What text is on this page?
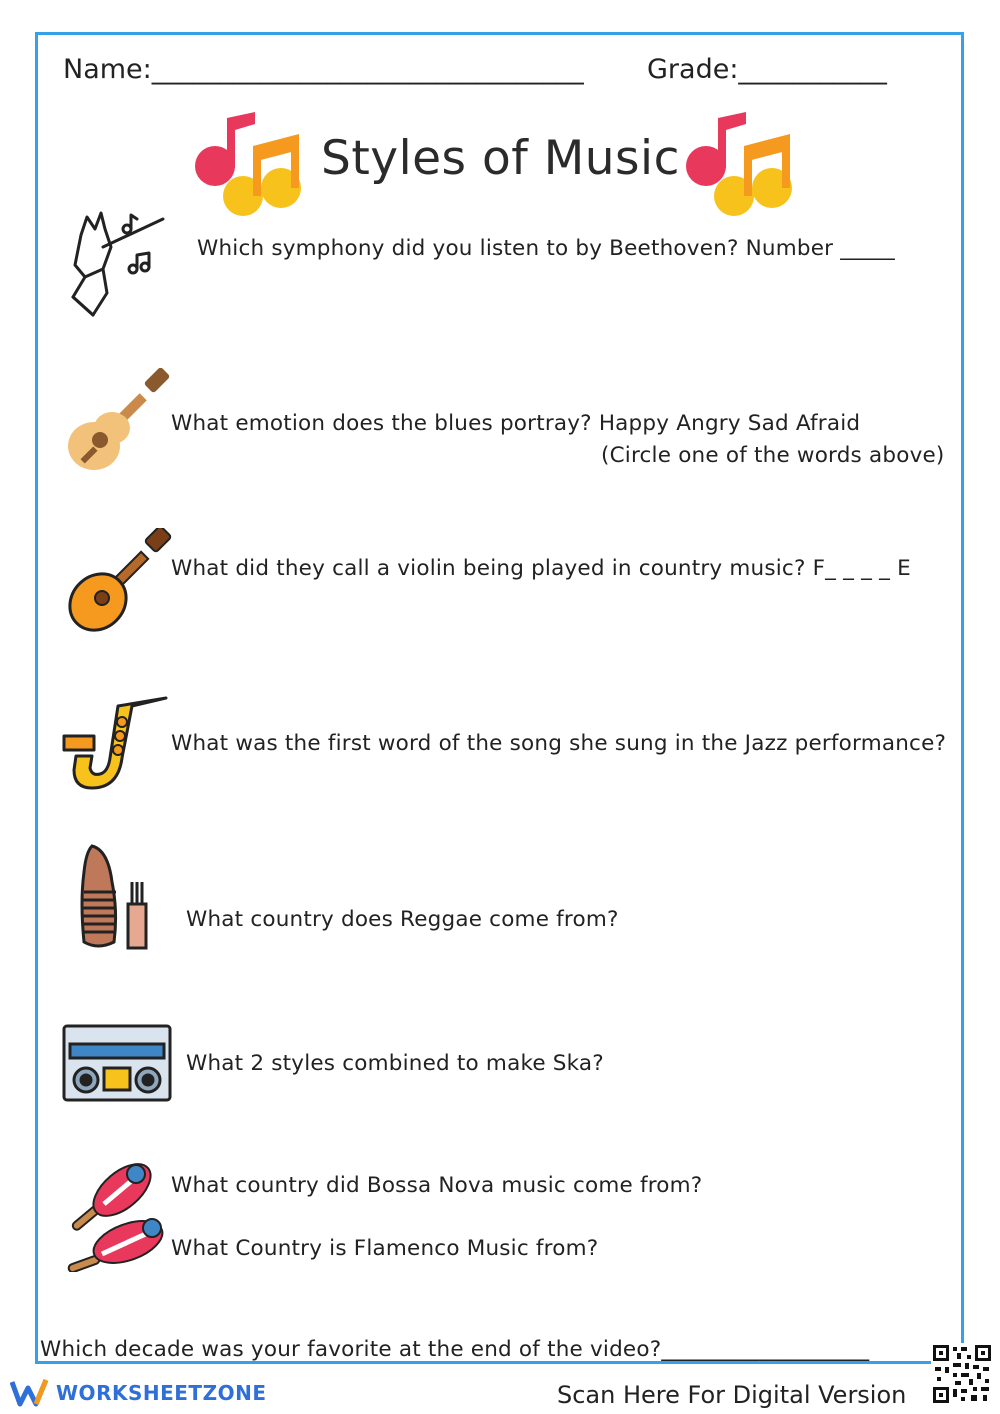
Name:________________________________ Grade:___________
Styles of Music
Which symphony did you listen to by Beethoven? Number _____
What emotion does the blues portray? Happy Angry Sad Afraid
(Circle one of the words above)
What did they call a violin being played in country music? F_ _ _ _ E
What was the first word of the song she sung in the Jazz performance?
What country does Reggae come from?
What 2 styles combined to make Ska?
What country did Bossa Nova music come from?
What Country is Flamenco Music from?
Which decade was your favorite at the end of the video?___________________
WORKSHEETZONE	Scan Here For Digital Version
